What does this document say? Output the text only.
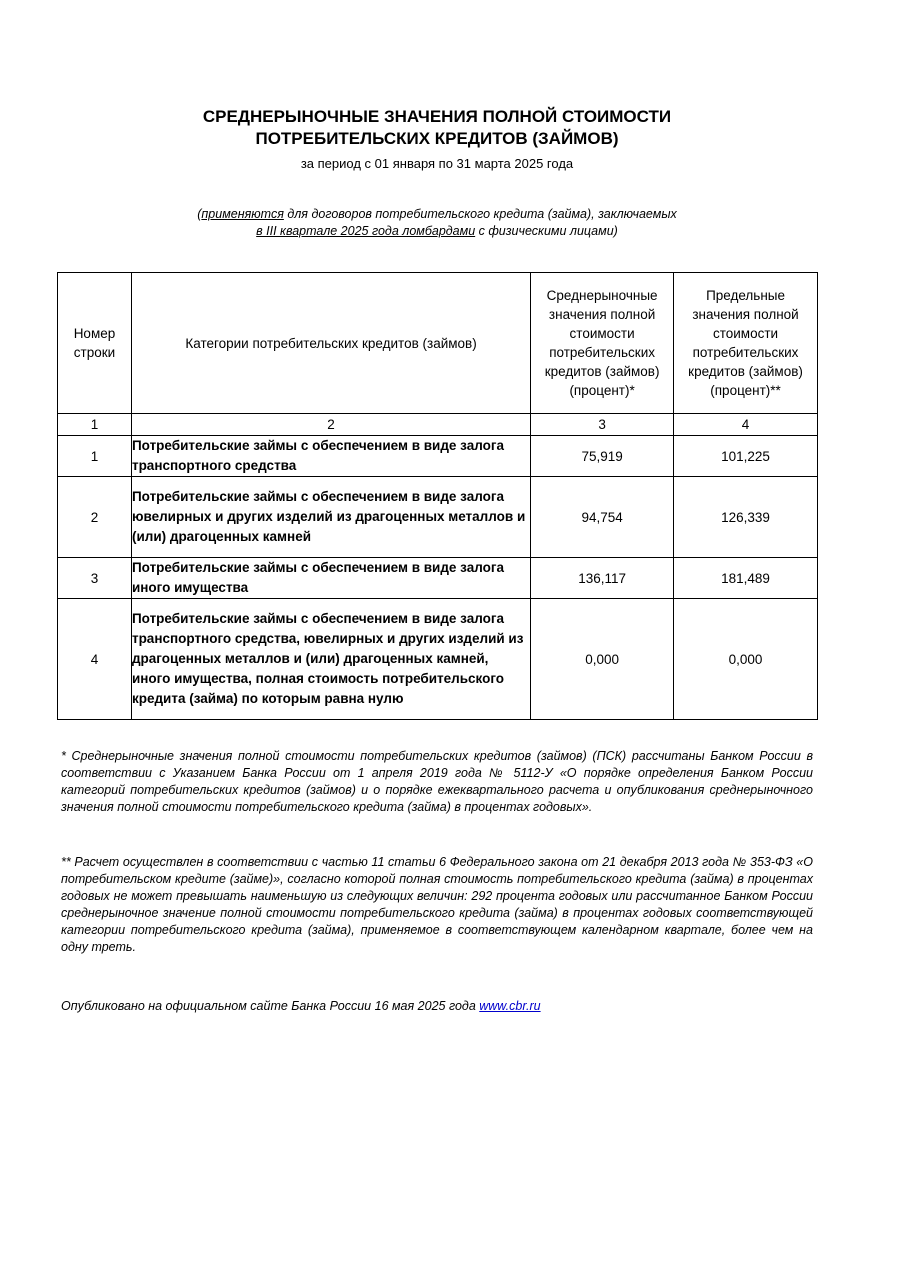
СРЕДНЕРЫНОЧНЫЕ ЗНАЧЕНИЯ ПОЛНОЙ СТОИМОСТИ
ПОТРЕБИТЕЛЬСКИХ КРЕДИТОВ (ЗАЙМОВ)
за период с 01 января по 31 марта 2025 года
(применяются для договоров потребительского кредита (займа), заключаемых
в III квартале 2025 года ломбардами с физическими лицами)
Номер строки	Категории потребительских кредитов (займов)	Среднерыночные значения полной стоимости потребительских кредитов (займов) (процент)*	Предельные значения полной стоимости потребительских кредитов (займов) (процент)**

1	2	3	4
1	Потребительские займы с обеспечением в виде залога транспортного средства	75,919	101,225
2	Потребительские займы с обеспечением в виде залога ювелирных и других изделий из драгоценных металлов и (или) драгоценных камней	94,754	126,339
3	Потребительские займы с обеспечением в виде залога иного имущества	136,117	181,489
4	Потребительские займы с обеспечением в виде залога транспортного средства, ювелирных и других изделий из драгоценных металлов и (или) драгоценных камней, иного имущества, полная стоимость потребительского кредита (займа) по которым равна нулю	0,000	0,000
* Среднерыночные значения полной стоимости потребительских кредитов (займов) (ПСК) рассчитаны Банком России в соответствии с Указанием Банка России от 1 апреля 2019 года № 5112-У «О порядке определения Банком России категорий потребительских кредитов (займов) и о порядке ежеквартального расчета и опубликования среднерыночного значения полной стоимости потребительского кредита (займа) в процентах годовых».
** Расчет осуществлен в соответствии с частью 11 статьи 6 Федерального закона от 21 декабря 2013 года № 353-ФЗ «О потребительском кредите (займе)», согласно которой полная стоимость потребительского кредита (займа) в процентах годовых не может превышать наименьшую из следующих величин: 292 процента годовых или рассчитанное Банком России среднерыночное значение полной стоимости потребительского кредита (займа) в процентах годовых соответствующей категории потребительского кредита (займа), применяемое в соответствующем календарном квартале, более чем на одну треть.
Опубликовано на официальном сайте Банка России 16 мая 2025 года www.cbr.ru
